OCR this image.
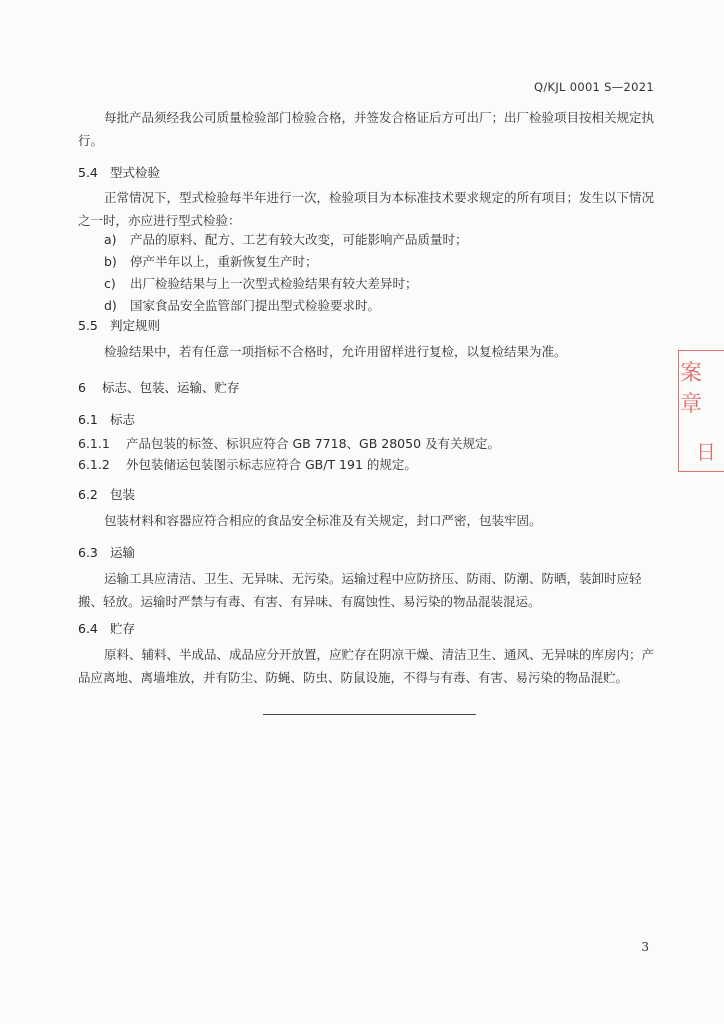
Q/KJL 0001 S—2021
每批产品须经我公司质量检验部门检验合格，并签发合格证后方可出厂；出厂检验项目按相关规定执行。
5.4 型式检验
正常情况下，型式检验每半年进行一次，检验项目为本标准技术要求规定的所有项目；发生以下情况之一时，亦应进行型式检验：
a) 产品的原料、配方、工艺有较大改变，可能影响产品质量时；
b) 停产半年以上，重新恢复生产时；
c) 出厂检验结果与上一次型式检验结果有较大差异时；
d) 国家食品安全监管部门提出型式检验要求时。
5.5 判定规则
检验结果中，若有任意一项指标不合格时，允许用留样进行复检，以复检结果为准。
6 标志、包装、运输、贮存
6.1 标志
6.1.1 产品包装的标签、标识应符合 GB 7718、GB 28050 及有关规定。
6.1.2 外包装储运包装图示标志应符合 GB/T 191 的规定。
6.2 包装
包装材料和容器应符合相应的食品安全标准及有关规定，封口严密，包装牢固。
6.3 运输
运输工具应清洁、卫生、无异味、无污染。运输过程中应防挤压、防雨、防潮、防晒，装卸时应轻搬、轻放。运输时严禁与有毒、有害、有异味、有腐蚀性、易污染的物品混装混运。
6.4 贮存
原料、辅料、半成品、成品应分开放置，应贮存在阴凉干燥、清洁卫生、通风、无异味的库房内；产品应离地、离墙堆放，并有防尘、防蝇、防虫、防鼠设施，不得与有毒、有害、易污染的物品混贮。
3
案章
日
